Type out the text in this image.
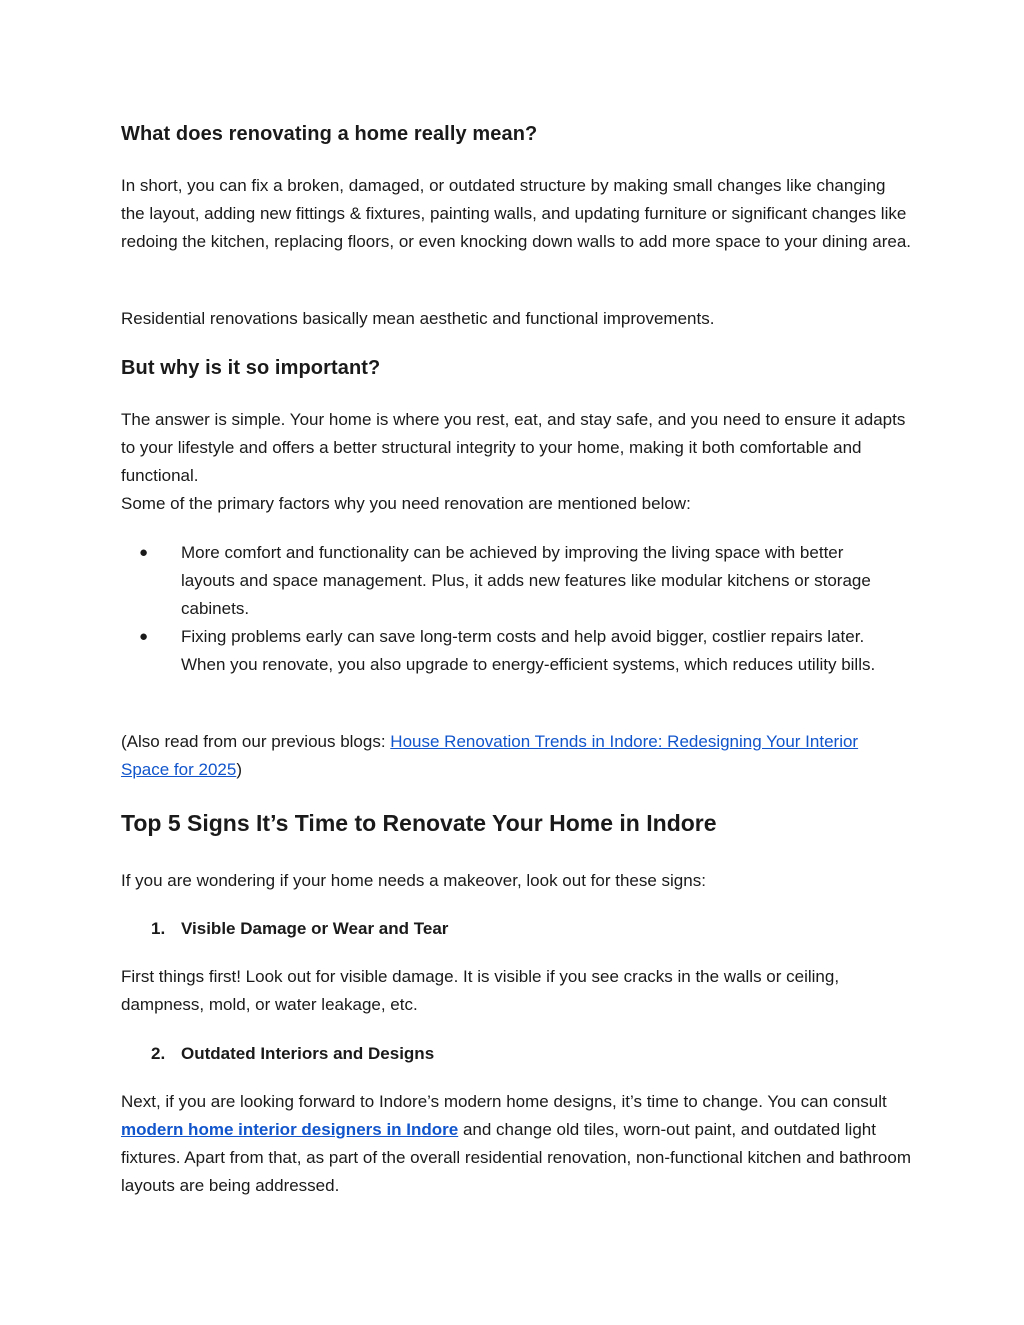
What does renovating a home really mean?

In short, you can fix a broken, damaged, or outdated structure by making small changes like changing the layout, adding new fittings & fixtures, painting walls, and updating furniture or significant changes like redoing the kitchen, replacing floors, or even knocking down walls to add more space to your dining area.

Residential renovations basically mean aesthetic and functional improvements.

But why is it so important?

The answer is simple. Your home is where you rest, eat, and stay safe, and you need to ensure it adapts to your lifestyle and offers a better structural integrity to your home, making it both comfortable and functional.

Some of the primary factors why you need renovation are mentioned below:

● More comfort and functionality can be achieved by improving the living space with better layouts and space management. Plus, it adds new features like modular kitchens or storage cabinets.
● Fixing problems early can save long-term costs and help avoid bigger, costlier repairs later. When you renovate, you also upgrade to energy-efficient systems, which reduces utility bills.

(Also read from our previous blogs: House Renovation Trends in Indore: Redesigning Your Interior Space for 2025)

Top 5 Signs It’s Time to Renovate Your Home in Indore

If you are wondering if your home needs a makeover, look out for these signs:

1. Visible Damage or Wear and Tear

First things first! Look out for visible damage. It is visible if you see cracks in the walls or ceiling, dampness, mold, or water leakage, etc.

2. Outdated Interiors and Designs

Next, if you are looking forward to Indore’s modern home designs, it’s time to change. You can consult modern home interior designers in Indore and change old tiles, worn-out paint, and outdated light fixtures. Apart from that, as part of the overall residential renovation, non-functional kitchen and bathroom layouts are being addressed.
